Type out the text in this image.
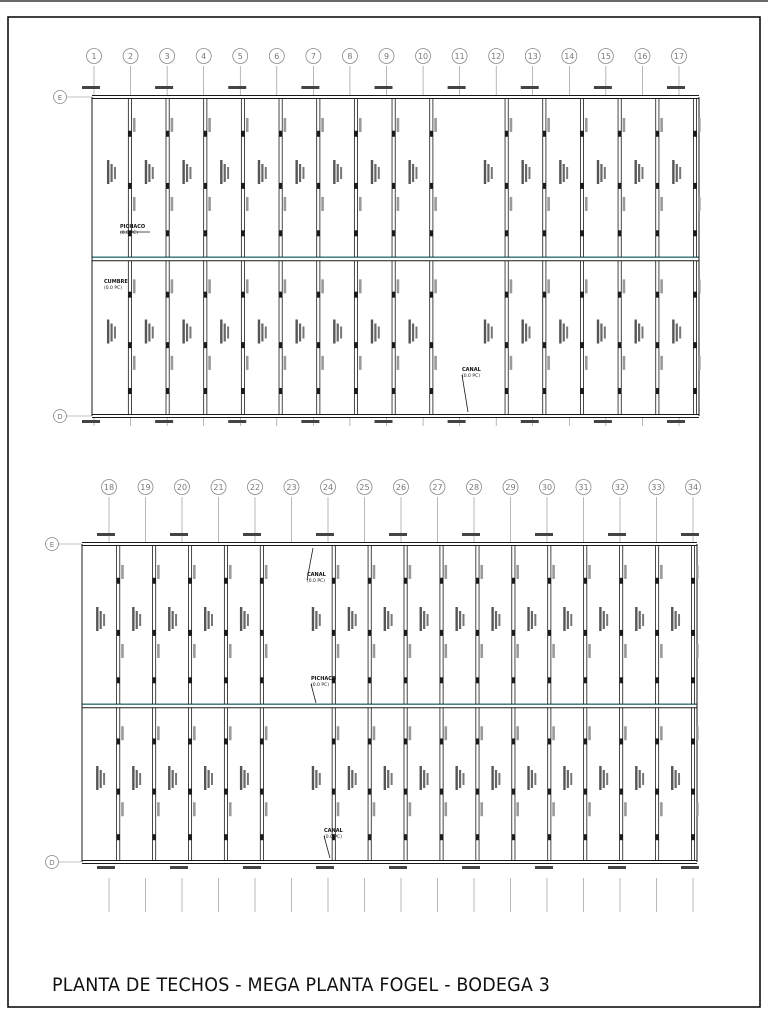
1	2	3	4	5	6	7	8	9	10	11	12	13	14	15	16	17
E
D
PICHACO
(0.0 PC)
CUMBRE
(0.0 PC)
CANAL
(0.0 PC)
18	19	20	21	22	23	24	25	26	27	28	29	30	31	32	33	34
E
D
CANAL
(0.0 PC)
PICHACO
(0.0 PC)
CANAL
(0.0 PC)
PLANTA DE TECHOS - MEGA PLANTA FOGEL - BODEGA 3
